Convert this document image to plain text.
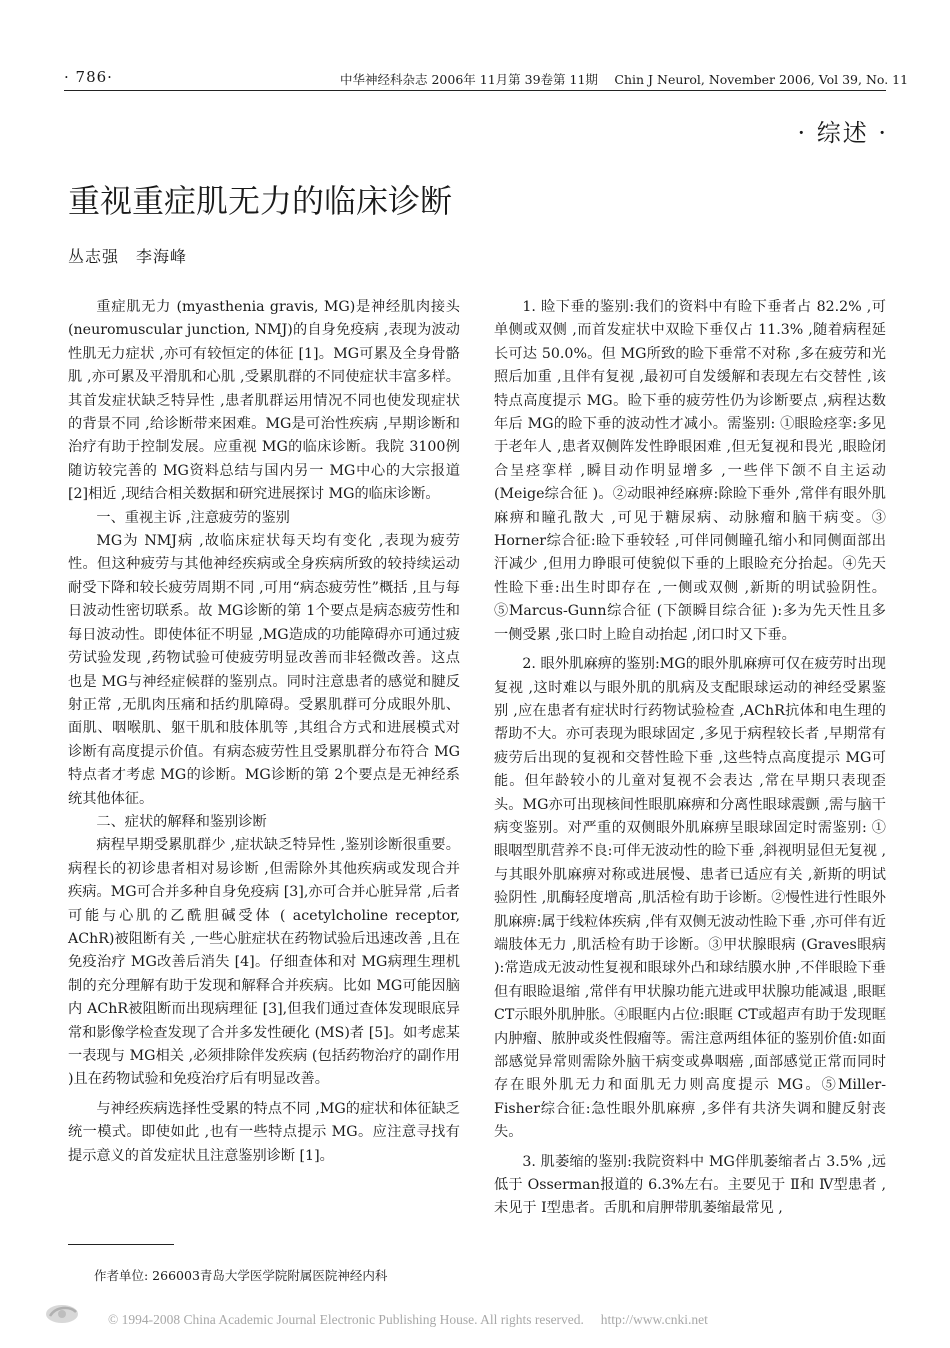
· 786·	中华神经科杂志 2006年 11月第 39卷第 11期 　Chin J Neurol, November 2006, Vol 39, No. 11
· 综述 ·
重视重症肌无力的临床诊断
丛志强　李海峰

重症肌无力 (myasthenia gravis, MG)是神经肌肉接头 (neuromuscular junction, NMJ)的自身免疫病 ,表现为波动性肌无力症状 ,亦可有较恒定的体征 [1]。MG可累及全身骨骼肌 ,亦可累及平滑肌和心肌 ,受累肌群的不同使症状丰富多样。其首发症状缺乏特异性 ,患者肌群运用情况不同也使发现症状的背景不同 ,给诊断带来困难。MG是可治性疾病 ,早期诊断和治疗有助于控制发展。应重视 MG的临床诊断。我院 3100例随访较完善的 MG资料总结与国内另一 MG中心的大宗报道 [2]相近 ,现结合相关数据和研究进展探讨 MG的临床诊断。

一、重视主诉 ,注意疲劳的鉴别

MG为 NMJ病 ,故临床症状每天均有变化 ,表现为疲劳性。但这种疲劳与其他神经疾病或全身疾病所致的较持续运动耐受下降和较长疲劳周期不同 ,可用“病态疲劳性”概括 ,且与每日波动性密切联系。故 MG诊断的第 1个要点是病态疲劳性和每日波动性。即使体征不明显 ,MG造成的功能障碍亦可通过疲劳试验发现 ,药物试验可使疲劳明显改善而非轻微改善。这点也是 MG与神经症候群的鉴别点。同时注意患者的感觉和腱反射正常 ,无肌肉压痛和括约肌障碍。受累肌群可分成眼外肌、面肌、咽喉肌、躯干肌和肢体肌等 ,其组合方式和进展模式对诊断有高度提示价值。有病态疲劳性且受累肌群分布符合 MG特点者才考虑 MG的诊断。MG诊断的第 2个要点是无神经系统其他体征。

二、症状的解释和鉴别诊断

病程早期受累肌群少 ,症状缺乏特异性 ,鉴别诊断很重要。病程长的初诊患者相对易诊断 ,但需除外其他疾病或发现合并疾病。MG可合并多种自身免疫病 [3],亦可合并心脏异常 ,后者可能与心肌的乙酰胆碱受体 ( acetylcholine receptor, AChR)被阻断有关 ,一些心脏症状在药物试验后迅速改善 ,且在免疫治疗 MG改善后消失 [4]。仔细查体和对 MG病理生理机制的充分理解有助于发现和解释合并疾病。比如 MG可能因脑内 AChR被阻断而出现病理征 [3],但我们通过查体发现眼底异常和影像学检查发现了合并多发性硬化 (MS)者 [5]。如考虑某一表现与 MG相关 ,必须排除伴发疾病 (包括药物治疗的副作用 )且在药物试验和免疫治疗后有明显改善。

与神经疾病选择性受累的特点不同 ,MG的症状和体征缺乏统一模式。即使如此 ,也有一些特点提示 MG。应注意寻找有提示意义的首发症状且注意鉴别诊断 [1]。

1. 睑下垂的鉴别:我们的资料中有睑下垂者占 82.2% ,可单侧或双侧 ,而首发症状中双睑下垂仅占 11.3% ,随着病程延长可达 50.0%。但 MG所致的睑下垂常不对称 ,多在疲劳和光照后加重 ,且伴有复视 ,最初可自发缓解和表现左右交替性 ,该特点高度提示 MG。睑下垂的疲劳性仍为诊断要点 ,病程达数年后 MG的睑下垂的波动性才减小。需鉴别: ①眼睑痉挛:多见于老年人 ,患者双侧阵发性睁眼困难 ,但无复视和畏光 ,眼睑闭合呈痉挛样 ,瞬目动作明显增多 ,一些伴下颌不自主运动 (Meige综合征 )。②动眼神经麻痹:除睑下垂外 ,常伴有眼外肌麻痹和瞳孔散大 ,可见于糖尿病、动脉瘤和脑干病变。③ Horner综合征:睑下垂较轻 ,可伴同侧瞳孔缩小和同侧面部出汗减少 ,但用力睁眼可使貌似下垂的上眼睑充分抬起。④先天性睑下垂:出生时即存在 ,一侧或双侧 ,新斯的明试验阴性。⑤Marcus-Gunn综合征 (下颌瞬目综合征 ):多为先天性且多一侧受累 ,张口时上睑自动抬起 ,闭口时又下垂。

2. 眼外肌麻痹的鉴别:MG的眼外肌麻痹可仅在疲劳时出现复视 ,这时难以与眼外肌的肌病及支配眼球运动的神经受累鉴别 ,应在患者有症状时行药物试验检查 ,AChR抗体和电生理的帮助不大。亦可表现为眼球固定 ,多见于病程较长者 ,早期常有疲劳后出现的复视和交替性睑下垂 ,这些特点高度提示 MG可能。但年龄较小的儿童对复视不会表达 ,常在早期只表现歪头。MG亦可出现核间性眼肌麻痹和分离性眼球震颤 ,需与脑干病变鉴别。对严重的双侧眼外肌麻痹呈眼球固定时需鉴别: ①眼咽型肌营养不良:可伴无波动性的睑下垂 ,斜视明显但无复视 ,与其眼外肌麻痹对称或进展慢、患者已适应有关 ,新斯的明试验阴性 ,肌酶轻度增高 ,肌活检有助于诊断。②慢性进行性眼外肌麻痹:属于线粒体疾病 ,伴有双侧无波动性睑下垂 ,亦可伴有近端肢体无力 ,肌活检有助于诊断。③甲状腺眼病 (Graves眼病 ):常造成无波动性复视和眼球外凸和球结膜水肿 ,不伴眼睑下垂但有眼睑退缩 ,常伴有甲状腺功能亢进或甲状腺功能减退 ,眼眶 CT示眼外肌肿胀。④眼眶内占位:眼眶 CT或超声有助于发现眶内肿瘤、脓肿或炎性假瘤等。需注意两组体征的鉴别价值:如面部感觉异常则需除外脑干病变或鼻咽癌 ,面部感觉正常而同时存在眼外肌无力和面肌无力则高度提示 MG。⑤Miller-Fisher综合征:急性眼外肌麻痹 ,多伴有共济失调和腱反射丧失。

3. 肌萎缩的鉴别:我院资料中 MG伴肌萎缩者占 3.5% ,远低于 Osserman报道的 6.3%左右。主要见于 Ⅱ和 Ⅳ型患者 ,未见于 Ⅰ型患者。舌肌和肩胛带肌萎缩最常见 ,

作者单位: 266003青岛大学医学院附属医院神经内科
© 1994-2008 China Academic Journal Electronic Publishing House. All rights reserved.　 http://www.cnki.net
